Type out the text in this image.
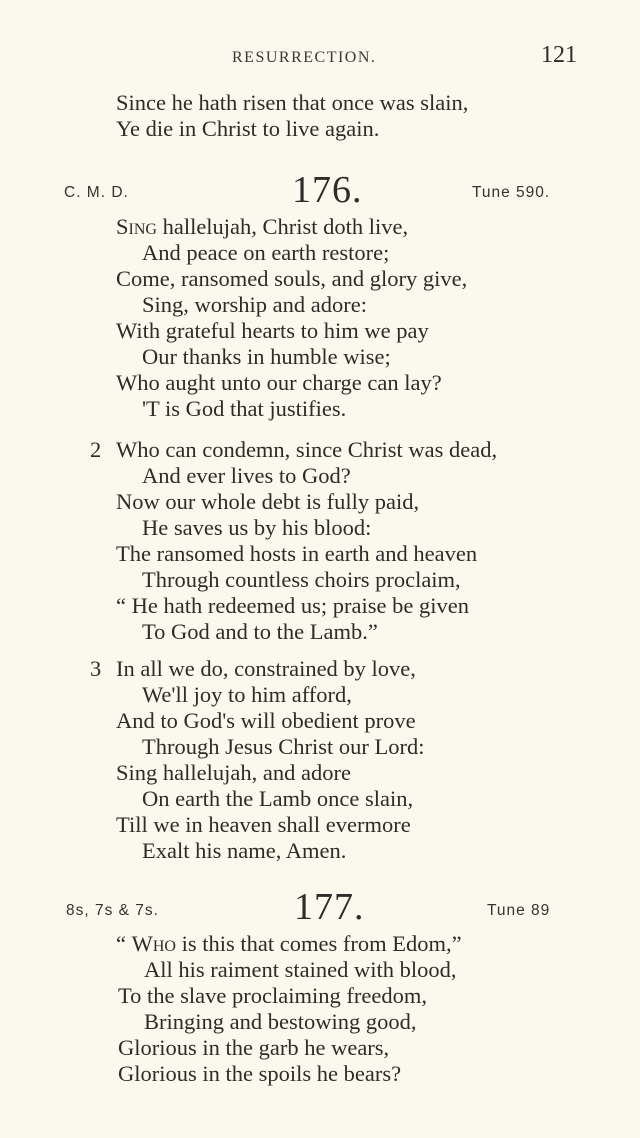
RESURRECTION.	121
Since he hath risen that once was slain,
Ye die in Christ to live again.
C. M. D.	176.	Tune 590.
Sing hallelujah, Christ doth live,
And peace on earth restore;
Come, ransomed souls, and glory give,
Sing, worship and adore:
With grateful hearts to him we pay
Our thanks in humble wise;
Who aught unto our charge can lay?
'T is God that justifies.
2 Who can condemn, since Christ was dead,
And ever lives to God?
Now our whole debt is fully paid,
He saves us by his blood:
The ransomed hosts in earth and heaven
Through countless choirs proclaim,
“ He hath redeemed us; praise be given
To God and to the Lamb.”
3 In all we do, constrained by love,
We'll joy to him afford,
And to God's will obedient prove
Through Jesus Christ our Lord:
Sing hallelujah, and adore
On earth the Lamb once slain,
Till we in heaven shall evermore
Exalt his name, Amen.
8s, 7s & 7s.	177.	Tune 89
“ Who is this that comes from Edom,”
All his raiment stained with blood,
To the slave proclaiming freedom,
Bringing and bestowing good,
Glorious in the garb he wears,
Glorious in the spoils he bears?
